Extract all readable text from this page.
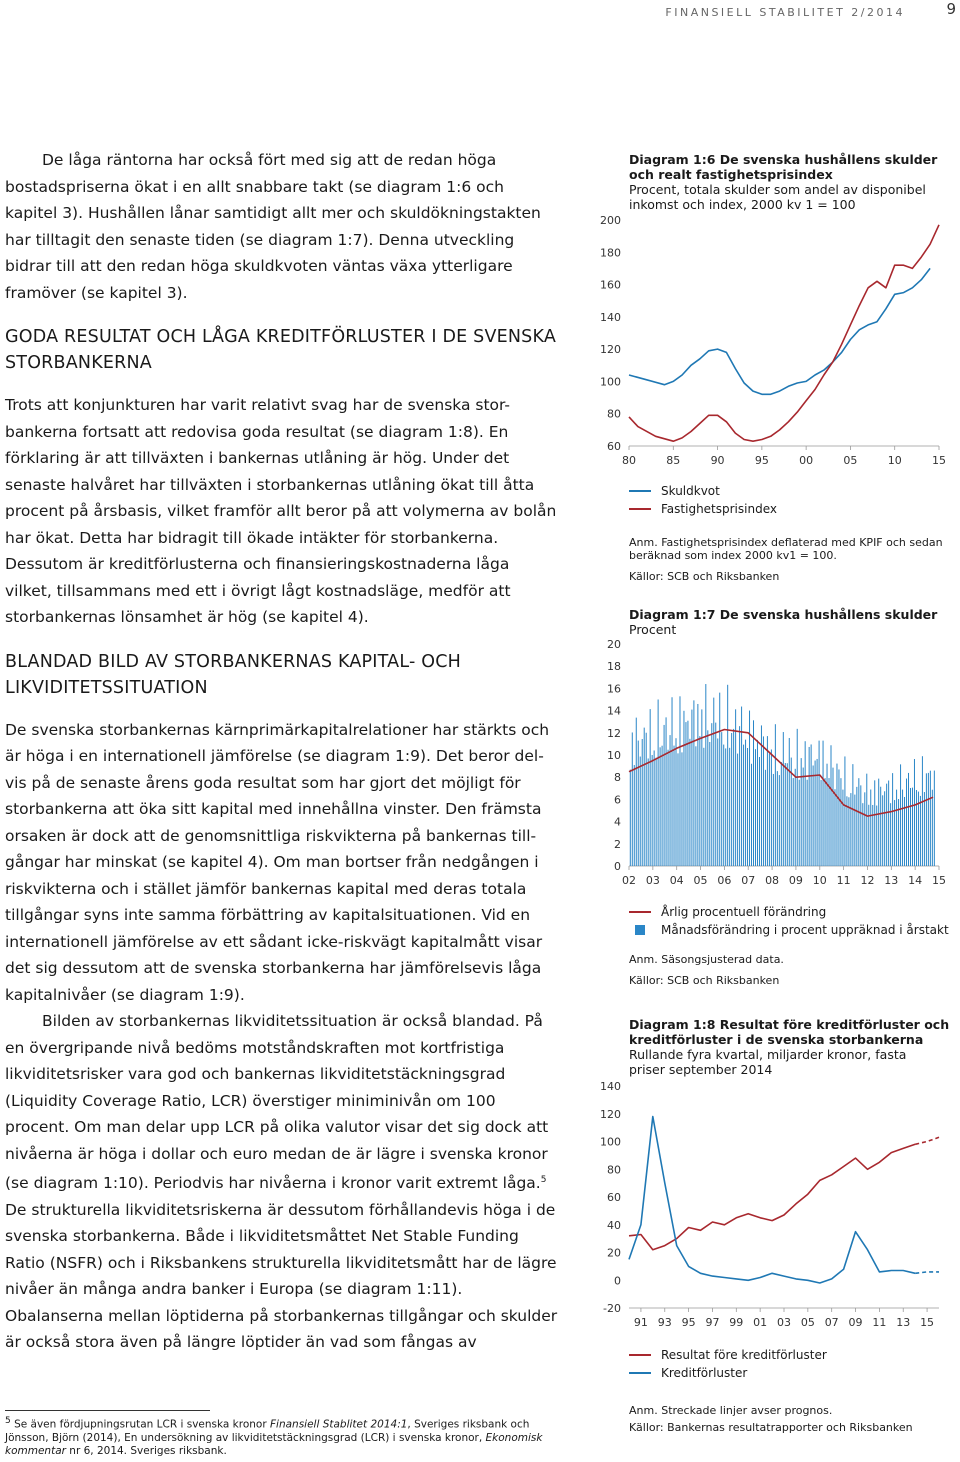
FINANSIELL STABILITET 2/2014	9

De låga räntorna har också fört med sig att de redan höga bostadspriserna ökat i en allt snabbare takt (se diagram 1:6 och kapitel 3). Hushållen lånar samtidigt allt mer och skuldökningstakten har tilltagit den senaste tiden (se diagram 1:7). Denna utveckling bidrar till att den redan höga skuldkvoten väntas växa ytterligare framöver (se kapitel 3).

GODA RESULTAT OCH LÅGA KREDITFÖRLUSTER I DE SVENSKA STORBANKERNA

Trots att konjunkturen har varit relativt svag har de svenska stor-bankerna fortsatt att redovisa goda resultat (se diagram 1:8). En förklaring är att tillväxten i bankernas utlåning är hög. Under det senaste halvåret har tillväxten i storbankernas utlåning ökat till åtta procent på årsbasis, vilket framför allt beror på att volymerna av bolån har ökat. Detta har bidragit till ökade intäkter för storbankerna. Dessutom är kreditförlusterna och finansieringskostnaderna låga vilket, tillsammans med ett i övrigt lågt kostnadsläge, medför att storbankernas lönsamhet är hög (se kapitel 4).

BLANDAD BILD AV STORBANKERNAS KAPITAL- OCH LIKVIDITETSSITUATION

De svenska storbankernas kärnprimärkapitalrelationer har stärkts och är höga i en internationell jämförelse (se diagram 1:9). Det beror del-vis på de senaste årens goda resultat som har gjort det möjligt för storbankerna att öka sitt kapital med innehållna vinster. Den främsta orsaken är dock att de genomsnittliga riskvikterna på bankernas till-gångar har minskat (se kapitel 4). Om man bortser från nedgången i riskvikterna och i stället jämför bankernas kapital med deras totala tillgångar syns inte samma förbättring av kapitalsituationen. Vid en internationell jämförelse av ett sådant icke-riskvägt kapitalmått visar det sig dessutom att de svenska storbankerna har jämförelsevis låga kapitalnivåer (se diagram 1:9).

Bilden av storbankernas likviditetssituation är också blandad. På en övergripande nivå bedöms motståndskraften mot kortfristiga likviditetsrisker vara god och bankernas likviditetstäckningsgrad (Liquidity Coverage Ratio, LCR) överstiger miniminivån om 100 procent. Om man delar upp LCR på olika valutor visar det sig dock att nivåerna är höga i dollar och euro medan de är lägre i svenska kronor (se diagram 1:10). Periodvis har nivåerna i kronor varit extremt låga.$^5$ De strukturella likviditetsriskerna är dessutom förhållandevis höga i de svenska storbankerna. Både i likviditetsmåttet Net Stable Funding Ratio (NSFR) och i Riksbankens strukturella likviditetsmått har de lägre nivåer än många andra banker i Europa (se diagram 1:11). Obalanserna mellan löptiderna på storbankernas tillgångar och skulder är också stora även på längre löptider än vad som fångas av

$^5$ Se även fördjupningsrutan LCR i svenska kronor Finansiell Stablitet 2014:1, Sveriges riksbank och Jönsson, Björn (2014), En undersökning av likviditetstäckningsgrad (LCR) i svenska kronor, Ekonomisk kommentar nr 6, 2014. Sveriges riksbank.
Diagram 1:6 De svenska hushållens skulder och realt fastighetsprisindex
Procent, totala skulder som andel av disponibel inkomst och index, 2000 kv 1 = 100
200
180
160
140
120
100
80
60
80	85	90	95	00	05	10	15
Skuldkvot
Fastighetsprisindex
Anm. Fastighetsprisindex deflaterad med KPIF och sedan beräknad som index 2000 kv1 = 100.
Källor: SCB och Riksbanken
Diagram 1:7 De svenska hushållens skulder
Procent
20
18
16
14
12
10
8
6
4
2
0
02 03 04 05 06 07 08 09 10 11 12 13 14 15
Årlig procentuell förändring
Månadsförändring i procent uppräknad i årstakt
Anm. Säsongsjusterad data.
Källor: SCB och Riksbanken
Diagram 1:8 Resultat före kreditförluster och kreditförluster i de svenska storbankerna
Rullande fyra kvartal, miljarder kronor, fasta priser september 2014
140
120
100
80
60
40
20
0
-20
91 93 95 97 99 01 03 05 07 09 11 13 15
Resultat före kreditförluster
Kreditförluster
Anm. Streckade linjer avser prognos.
Källor: Bankernas resultatrapporter och Riksbanken
